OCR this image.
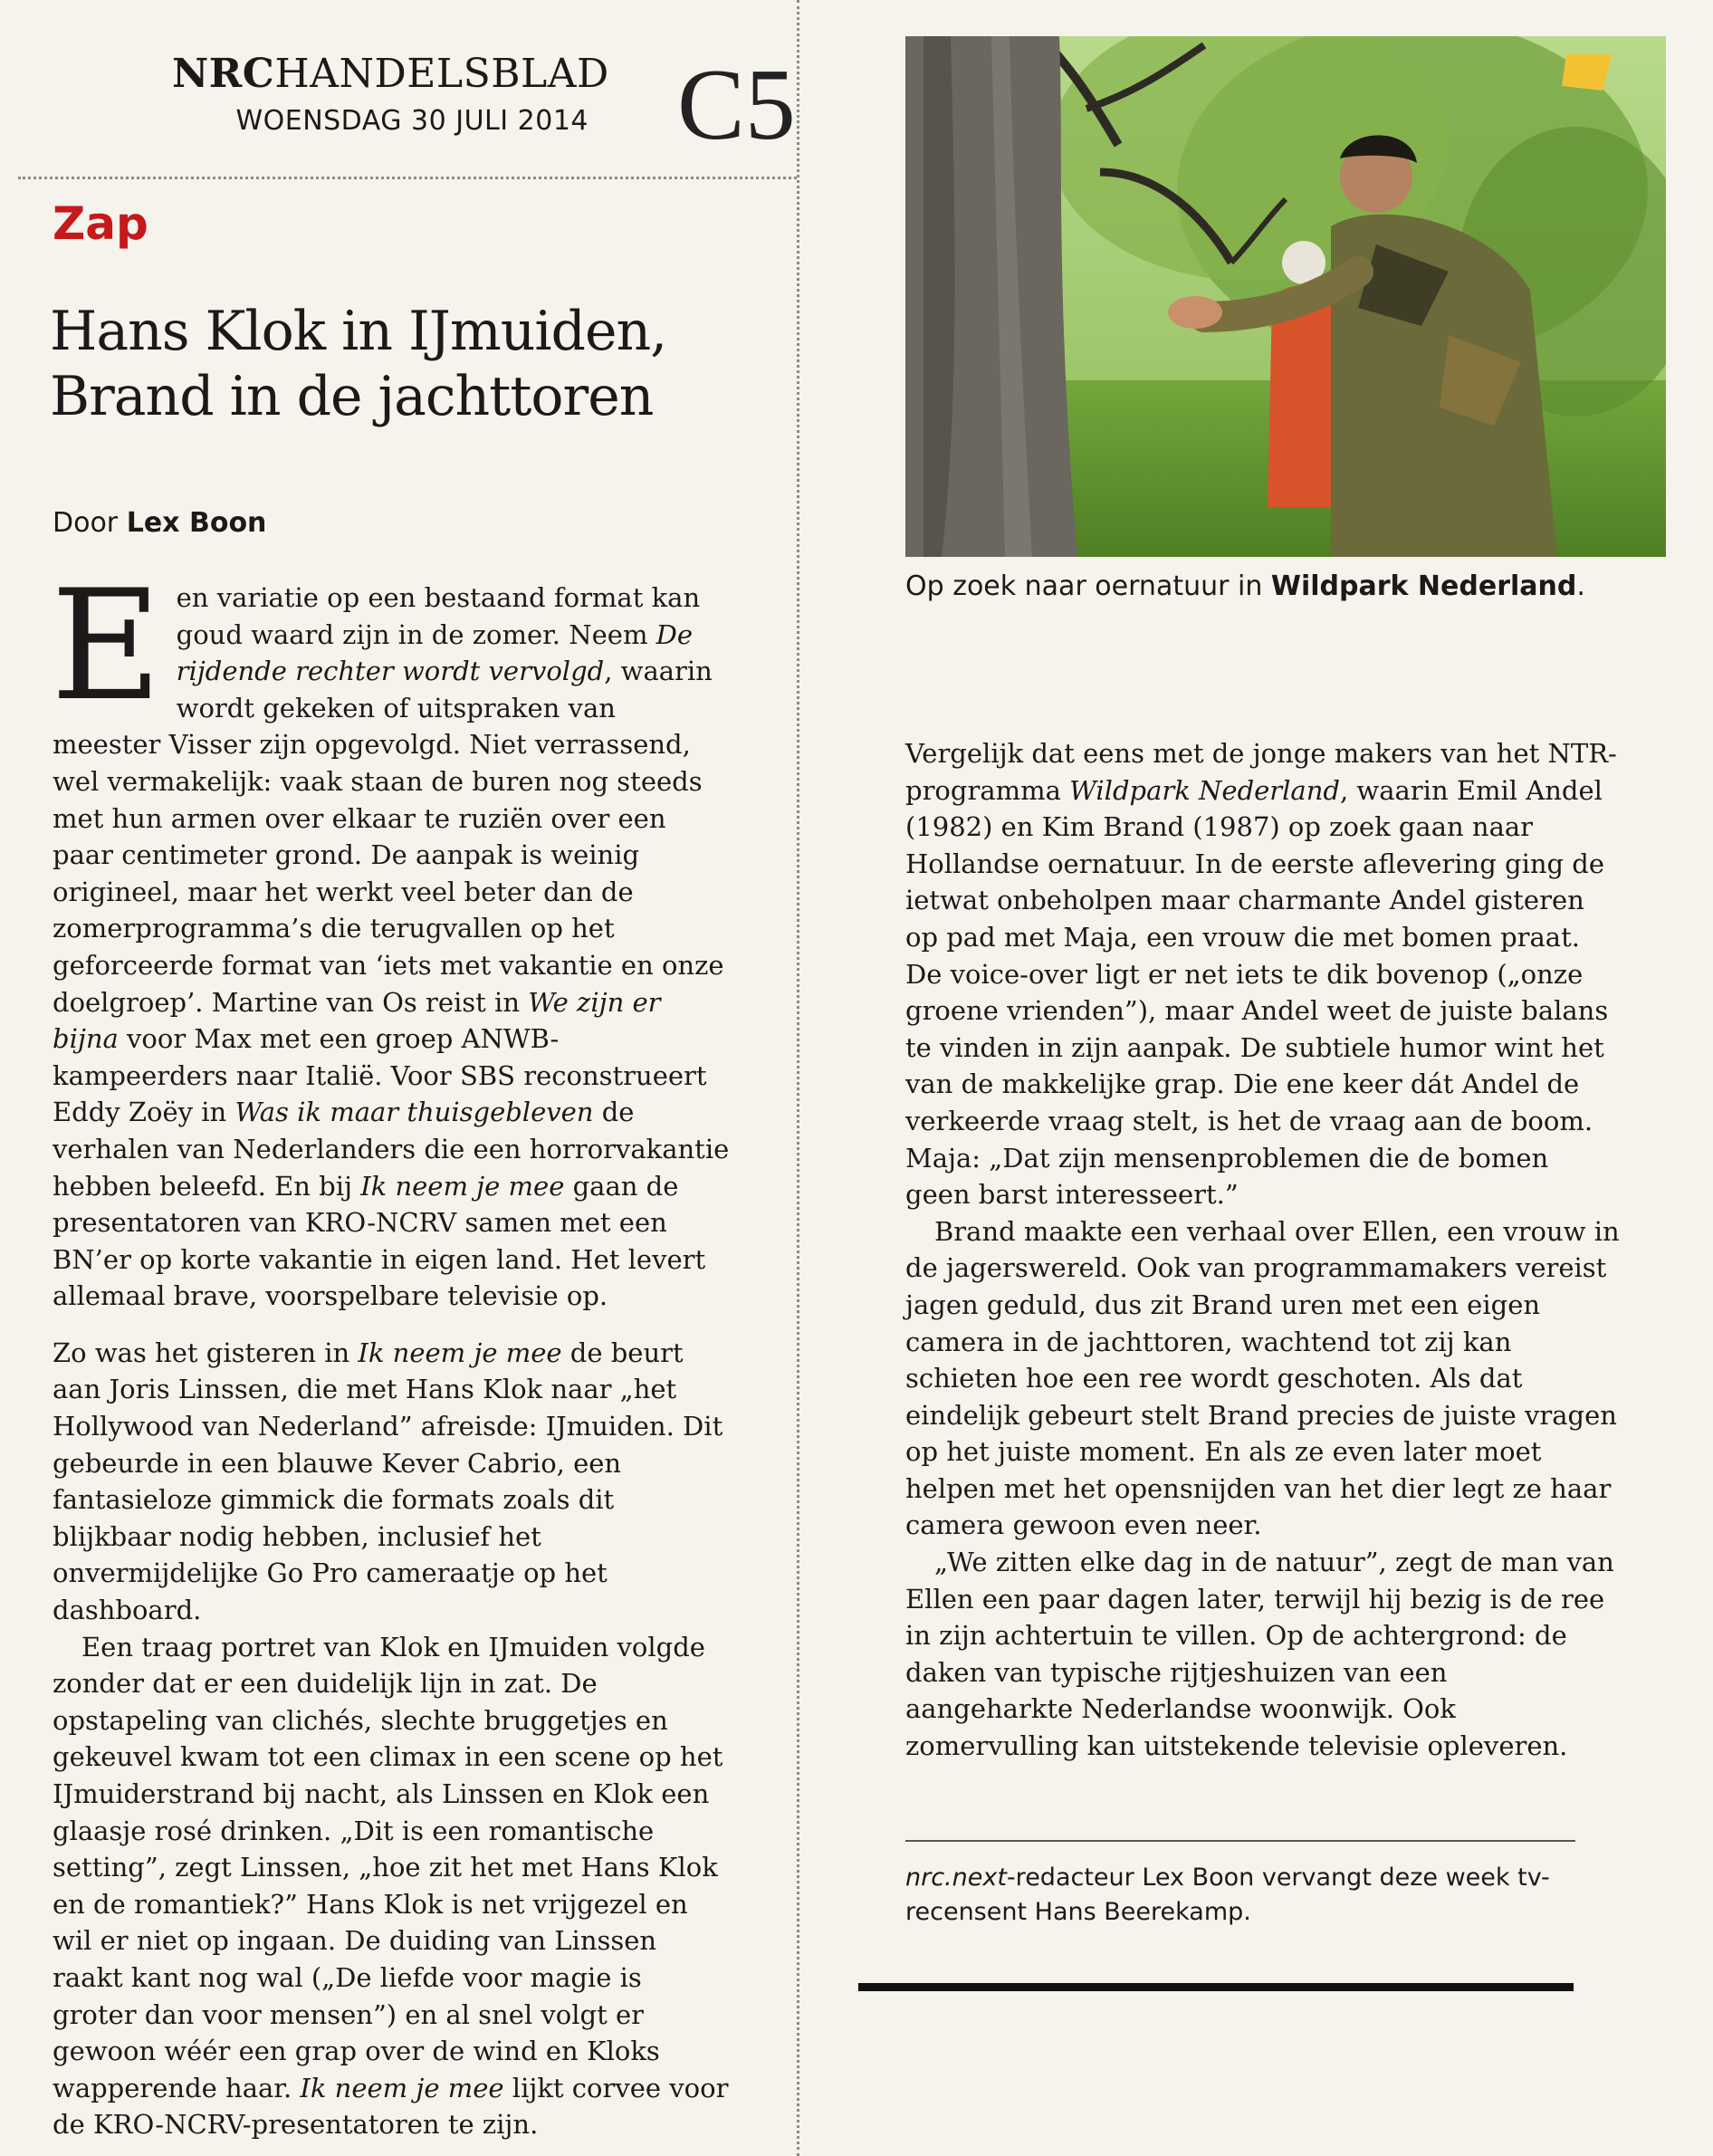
NRCHANDELSBLAD
WOENSDAG 30 JULI 2014 C5
Zap
Hans Klok in IJmuiden,
Brand in de jachttoren
Door Lex Boon

Een variatie op een bestaand format kan goud waard zijn in de zomer. Neem De rijdende rechter wordt vervolgd, waarin wordt gekeken of uitspraken van meester Visser zijn opgevolgd. Niet verrassend, wel vermakelijk: vaak staan de buren nog steeds met hun armen over elkaar te ruziën over een paar centimeter grond. De aanpak is weinig origineel, maar het werkt veel beter dan de zomerprogramma’s die terugvallen op het geforceerde format van ‘iets met vakantie en onze doelgroep’. Martine van Os reist in We zijn er bijna voor Max met een groep ANWB-kampeerders naar Italië. Voor SBS reconstrueert Eddy Zoëy in Was ik maar thuisgebleven de verhalen van Nederlanders die een horrorvakantie hebben beleefd. En bij Ik neem je mee gaan de presentatoren van KRO-NCRV samen met een BN’er op korte vakantie in eigen land. Het levert allemaal brave, voorspelbare televisie op.

Zo was het gisteren in Ik neem je mee de beurt aan Joris Linssen, die met Hans Klok naar „het Hollywood van Nederland” afreisde: IJmuiden. Dit gebeurde in een blauwe Kever Cabrio, een fantasieloze gimmick die formats zoals dit blijkbaar nodig hebben, inclusief het onvermijdelijke Go Pro cameraatje op het dashboard.

Een traag portret van Klok en IJmuiden volgde zonder dat er een duidelijk lijn in zat. De opstapeling van clichés, slechte bruggetjes en gekeuvel kwam tot een climax in een scene op het IJmuiderstrand bij nacht, als Linssen en Klok een glaasje rosé drinken. „Dit is een romantische setting”, zegt Linssen, „hoe zit het met Hans Klok en de romantiek?” Hans Klok is net vrijgezel en wil er niet op ingaan. De duiding van Linssen raakt kant nog wal („De liefde voor magie is groter dan voor mensen”) en al snel volgt er gewoon wéér een grap over de wind en Kloks wapperende haar. Ik neem je mee lijkt corvee voor de KRO-NCRV-presentatoren te zijn.

Op zoek naar oernatuur in Wildpark Nederland.

Vergelijk dat eens met de jonge makers van het NTR-programma Wildpark Nederland, waarin Emil Andel (1982) en Kim Brand (1987) op zoek gaan naar Hollandse oernatuur. In de eerste aflevering ging de ietwat onbeholpen maar charmante Andel gisteren op pad met Maja, een vrouw die met bomen praat. De voice-over ligt er net iets te dik bovenop („onze groene vrienden”), maar Andel weet de juiste balans te vinden in zijn aanpak. De subtiele humor wint het van de makkelijke grap. Die ene keer dát Andel de verkeerde vraag stelt, is het de vraag aan de boom. Maja: „Dat zijn mensenproblemen die de bomen geen barst interesseert.”

Brand maakte een verhaal over Ellen, een vrouw in de jagerswereld. Ook van programmamakers vereist jagen geduld, dus zit Brand uren met een eigen camera in de jachttoren, wachtend tot zij kan schieten hoe een ree wordt geschoten. Als dat eindelijk gebeurt stelt Brand precies de juiste vragen op het juiste moment. En als ze even later moet helpen met het opensnijden van het dier legt ze haar camera gewoon even neer.

„We zitten elke dag in de natuur”, zegt de man van Ellen een paar dagen later, terwijl hij bezig is de ree in zijn achtertuin te villen. Op de achtergrond: de daken van typische rijtjeshuizen van een aangeharkte Nederlandse woonwijk. Ook zomervulling kan uitstekende televisie opleveren.

nrc.next-redacteur Lex Boon vervangt deze week tv-recensent Hans Beerekamp.
